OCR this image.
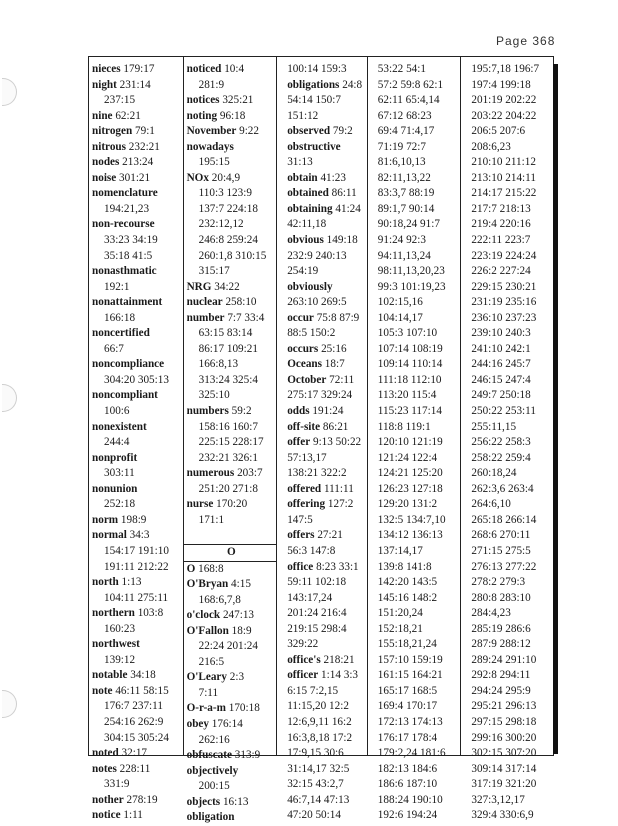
Page 368
nieces 179:17
night 231:14
237:15
nine 62:21
nitrogen 79:1
nitrous 232:21
nodes 213:24
noise 301:21
nomenclature
194:21,23
non-recourse
33:23 34:19
35:18 41:5
nonasthmatic
192:1
nonattainment
166:18
noncertified
66:7
noncompliance
304:20 305:13
noncompliant
100:6
nonexistent
244:4
nonprofit
303:11
nonunion
252:18
norm 198:9
normal 34:3
154:17 191:10
191:11 212:22
north 1:13
104:11 275:11
northern 103:8
160:23
northwest
139:12
notable 34:18
note 46:11 58:15
176:7 237:11
254:16 262:9
304:15 305:24
noted 32:17
notes 228:11
331:9
nother 278:19
notice 1:11
noticed 10:4
281:9
notices 325:21
noting 96:18
November 9:22
nowadays
195:15
NOx 20:4,9
110:3 123:9
137:7 224:18
232:12,12
246:8 259:24
260:1,8 310:15
315:17
NRG 34:22
nuclear 258:10
number 7:7 33:4
63:15 83:14
86:17 109:21
166:8,13
313:24 325:4
325:10
numbers 59:2
158:16 160:7
225:15 228:17
232:21 326:1
numerous 203:7
251:20 271:8
nurse 170:20
171:1
O
O 168:8
O'Bryan 4:15
168:6,7,8
o'clock 247:13
O'Fallon 18:9
22:24 201:24
216:5
O'Leary 2:3
7:11
O-r-a-m 170:18
obey 176:14
262:16
obfuscate 313:9
objectively
200:15
objects 16:13
obligation
100:14 159:3
obligations 24:8
54:14 150:7
151:12
observed 79:2
obstructive
31:13
obtain 41:23
obtained 86:11
obtaining 41:24
42:11,18
obvious 149:18
232:9 240:13
254:19
obviously
263:10 269:5
occur 75:8 87:9
88:5 150:2
occurs 25:16
Oceans 18:7
October 72:11
275:17 329:24
odds 191:24
off-site 86:21
offer 9:13 50:22
57:13,17
138:21 322:2
offered 111:11
offering 127:2
147:5
offers 27:21
56:3 147:8
office 8:23 33:1
59:11 102:18
143:17,24
201:24 216:4
219:15 298:4
329:22
office's 218:21
officer 1:14 3:3
6:15 7:2,15
11:15,20 12:2
12:6,9,11 16:2
16:3,8,18 17:2
17:9,15 30:6
31:14,17 32:5
32:15 43:2,7
46:7,14 47:13
47:20 50:14
53:22 54:1
57:2 59:8 62:1
62:11 65:4,14
67:12 68:23
69:4 71:4,17
71:19 72:7
81:6,10,13
82:11,13,22
83:3,7 88:19
89:1,7 90:14
90:18,24 91:7
91:24 92:3
94:11,13,24
98:11,13,20,23
99:3 101:19,23
102:15,16
104:14,17
105:3 107:10
107:14 108:19
109:14 110:14
111:18 112:10
113:20 115:4
115:23 117:14
118:8 119:1
120:10 121:19
121:24 122:4
124:21 125:20
126:23 127:18
129:20 131:2
132:5 134:7,10
134:12 136:13
137:14,17
139:8 141:8
142:20 143:5
145:16 148:2
151:20,24
152:18,21
155:18,21,24
157:10 159:19
161:15 164:21
165:17 168:5
169:4 170:17
172:13 174:13
176:17 178:4
179:2,24 181:6
182:13 184:6
186:6 187:10
188:24 190:10
192:6 194:24
195:7,18 196:7
197:4 199:18
201:19 202:22
203:22 204:22
206:5 207:6
208:6,23
210:10 211:12
213:10 214:11
214:17 215:22
217:7 218:13
219:4 220:16
222:11 223:7
223:19 224:24
226:2 227:24
229:15 230:21
231:19 235:16
236:10 237:23
239:10 240:3
241:10 242:1
244:16 245:7
246:15 247:4
249:7 250:18
250:22 253:11
255:11,15
256:22 258:3
258:22 259:4
260:18,24
262:3,6 263:4
264:6,10
265:18 266:14
268:6 270:11
271:15 275:5
276:13 277:22
278:2 279:3
280:8 283:10
284:4,23
285:19 286:6
287:9 288:12
289:24 291:10
292:8 294:11
294:24 295:9
295:21 296:13
297:15 298:18
299:16 300:20
302:15 307:20
309:14 317:14
317:19 321:20
327:3,12,17
329:4 330:6,9
